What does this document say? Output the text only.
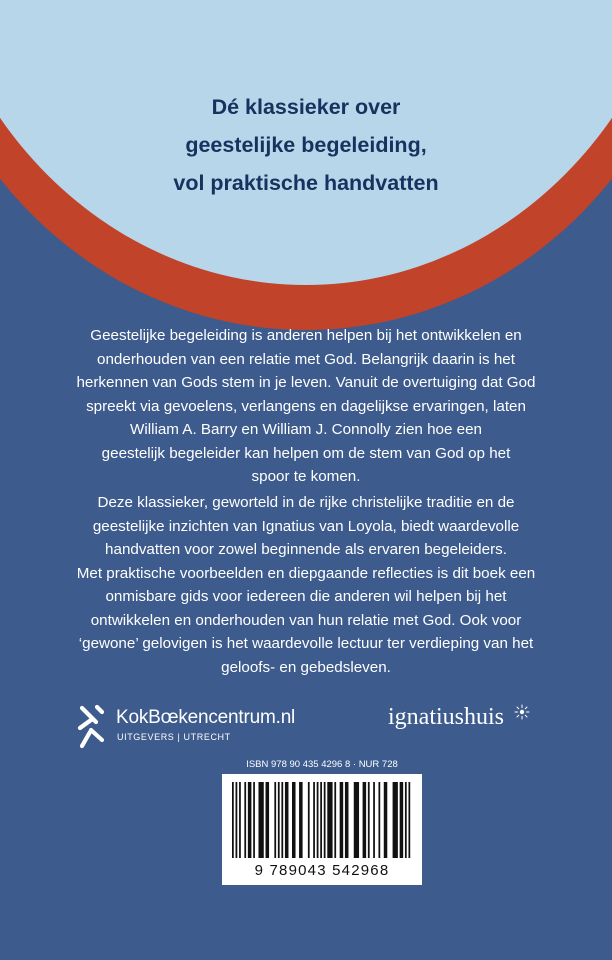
Dé klassieker over
geestelijke begeleiding,
vol praktische handvatten
Geestelijke begeleiding is anderen helpen bij het ontwikkelen en
onderhouden van een relatie met God. Belangrijk daarin is het
herkennen van Gods stem in je leven. Vanuit de overtuiging dat God
spreekt via gevoelens, verlangens en dagelijkse ervaringen, laten
William A. Barry en William J. Connolly zien hoe een
geestelijk begeleider kan helpen om de stem van God op het
spoor te komen.
Deze klassieker, geworteld in de rijke christelijke traditie en de
geestelijke inzichten van Ignatius van Loyola, biedt waardevolle
handvatten voor zowel beginnende als ervaren begeleiders.
Met praktische voorbeelden en diepgaande reflecties is dit boek een
onmisbare gids voor iedereen die anderen wil helpen bij het
ontwikkelen en onderhouden van hun relatie met God. Ook voor
‘gewone’ gelovigen is het waardevolle lectuur ter verdieping van het
geloofs- en gebedsleven.
KokBœkencentrum.nl
UITGEVERS | UTRECHT
ignatiushuis
ISBN 978 90 435 4296 8 · NUR 728
9 789043 542968
